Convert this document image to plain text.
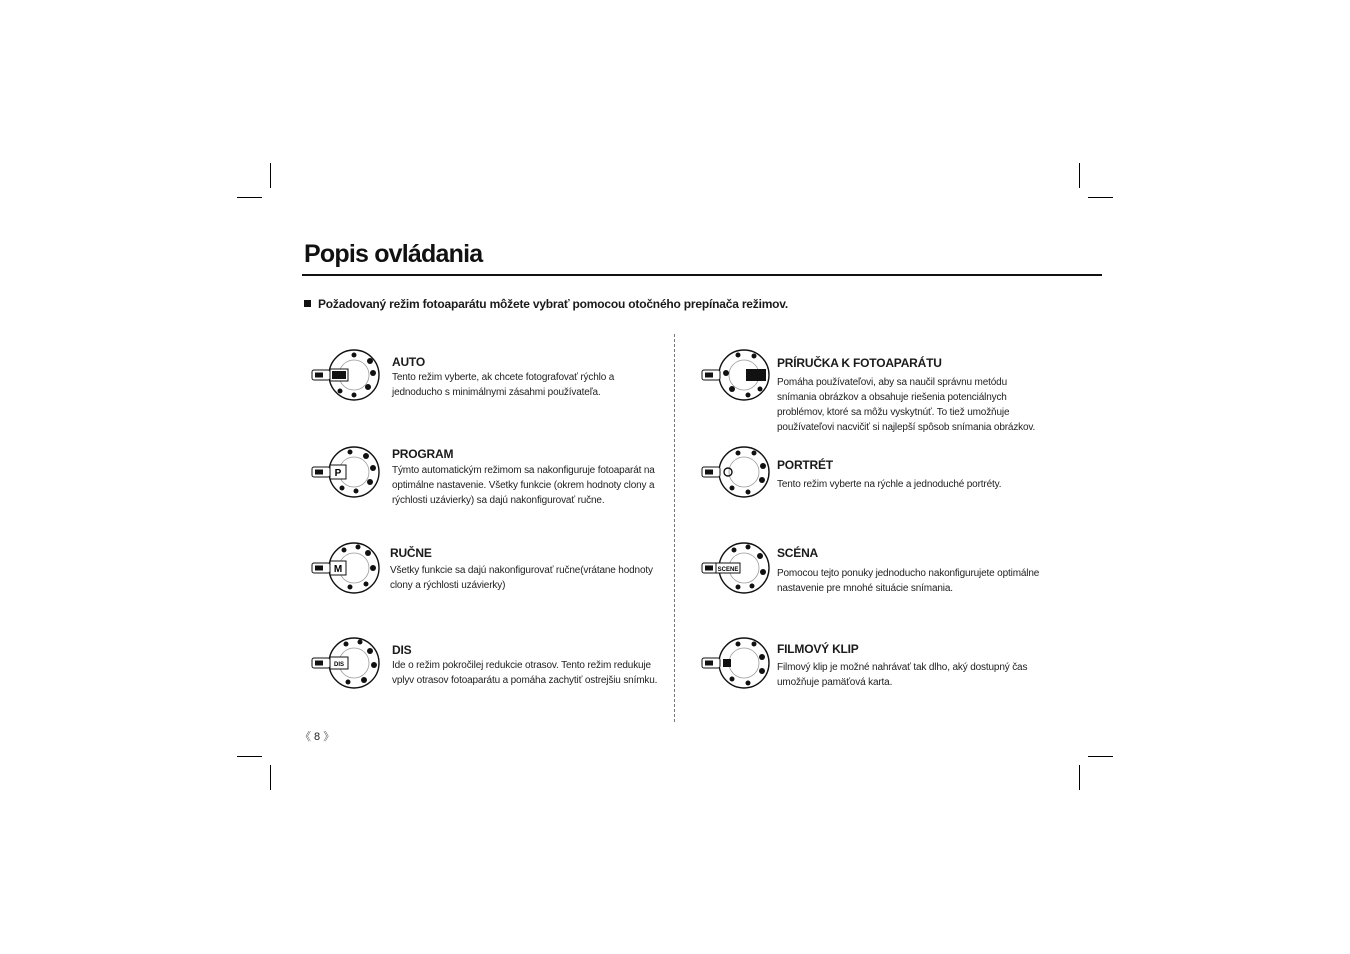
Popis ovládania
Požadovaný režim fotoaparátu môžete vybrať pomocou otočného prepínača režimov.
AUTO
Tento režim vyberte, ak chcete fotografovať rýchlo a jednoducho s minimálnymi zásahmi používateľa.
P
PROGRAM
Týmto automatickým režimom sa nakonfiguruje fotoaparát na optimálne nastavenie. Všetky funkcie (okrem hodnoty clony a rýchlosti uzávierky) sa dajú nakonfigurovať ručne.
M
RUČNE
Všetky funkcie sa dajú nakonfigurovať ručne(vrátane hodnoty clony a rýchlosti uzávierky)
DIS
DIS
Ide o režim pokročilej redukcie otrasov. Tento režim redukuje vplyv otrasov fotoaparátu a pomáha zachytiť ostrejšiu snímku.
PRÍRUČKA K FOTOAPARÁTU
Pomáha používateľovi, aby sa naučil správnu metódu snímania obrázkov a obsahuje riešenia potenciálnych problémov, ktoré sa môžu vyskytnúť. To tiež umožňuje používateľovi nacvičiť si najlepší spôsob snímania obrázkov.
PORTRÉT
Tento režim vyberte na rýchle a jednoduché portréty.
SCENE
SCÉNA
Pomocou tejto ponuky jednoducho nakonfigurujete optimálne nastavenie pre mnohé situácie snímania.
FILMOVÝ KLIP
Filmový klip je možné nahrávať tak dlho, aký dostupný čas umožňuje pamäťová karta.
《 8 》
